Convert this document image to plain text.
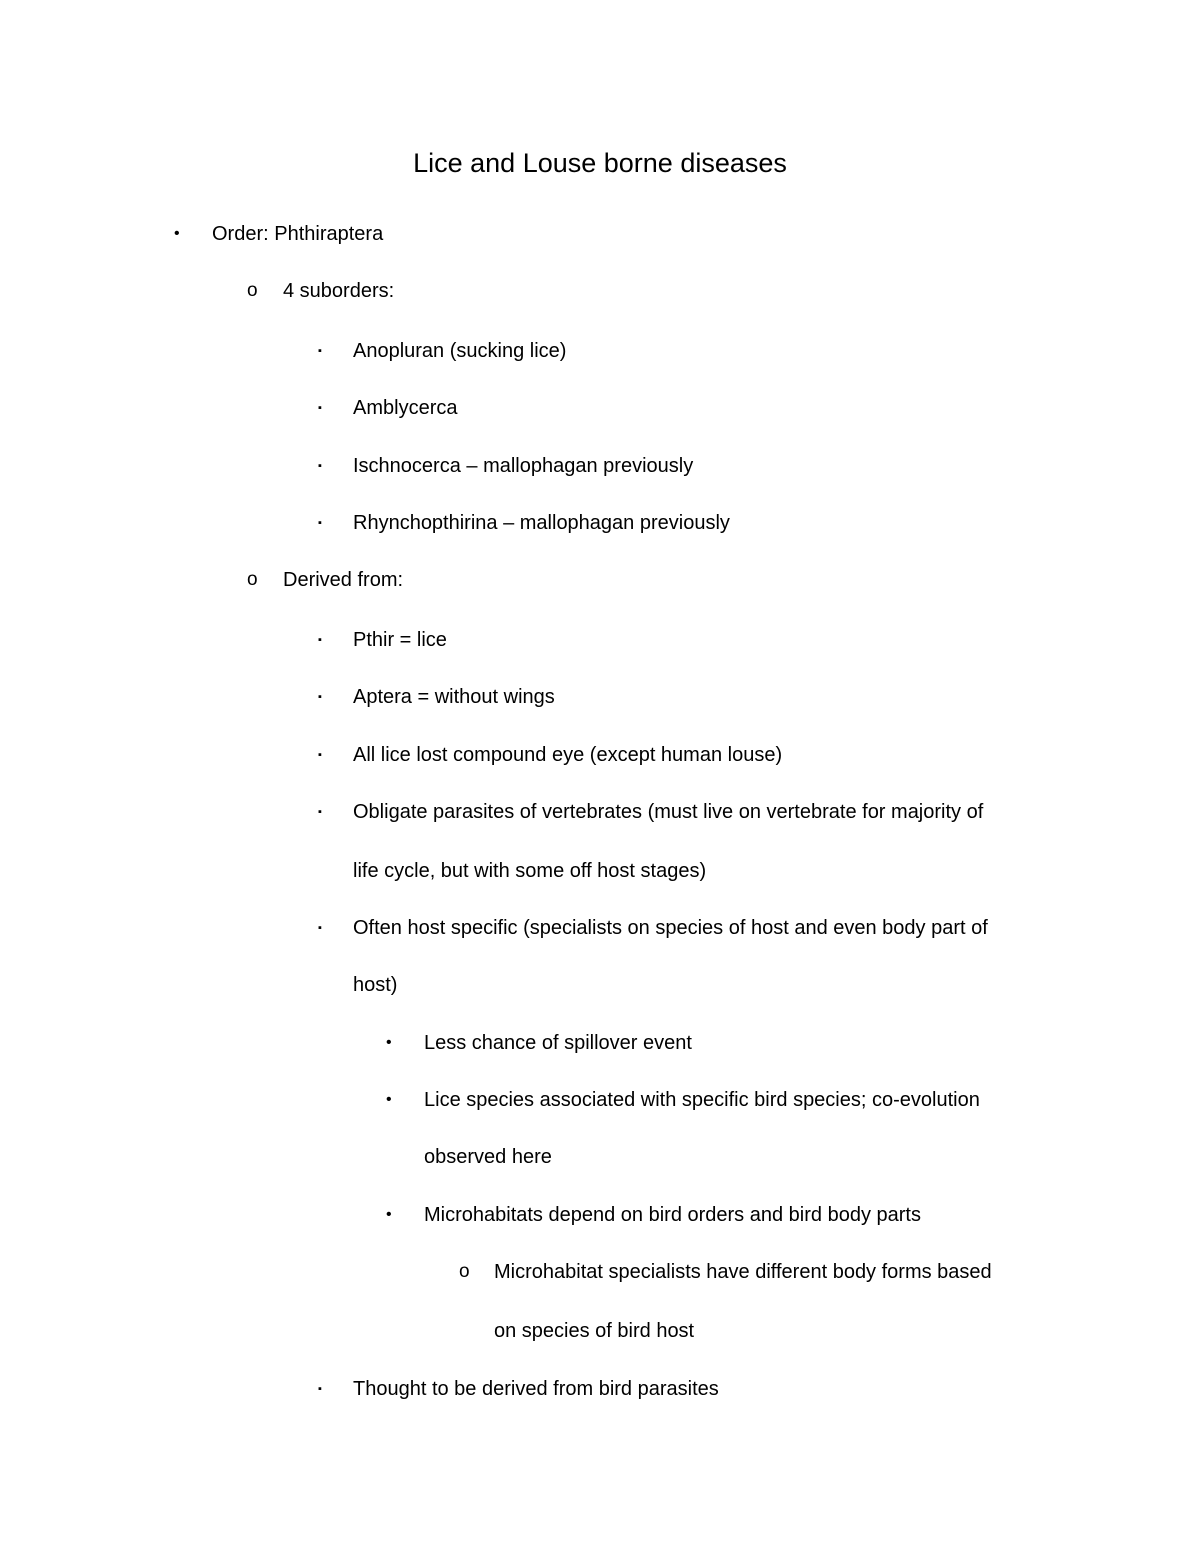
Lice and Louse borne diseases
• Order: Phthiraptera
o 4 suborders:
▪ Anopluran (sucking lice)
▪ Amblycerca
▪ Ischnocerca – mallophagan previously
▪ Rhynchopthirina – mallophagan previously
o Derived from:
▪ Pthir = lice
▪ Aptera = without wings
▪ All lice lost compound eye (except human louse)
▪ Obligate parasites of vertebrates (must live on vertebrate for majority of
life cycle, but with some off host stages)
▪ Often host specific (specialists on species of host and even body part of
host)
• Less chance of spillover event
• Lice species associated with specific bird species; co-evolution
observed here
• Microhabitats depend on bird orders and bird body parts
o Microhabitat specialists have different body forms based
on species of bird host
▪ Thought to be derived from bird parasites
